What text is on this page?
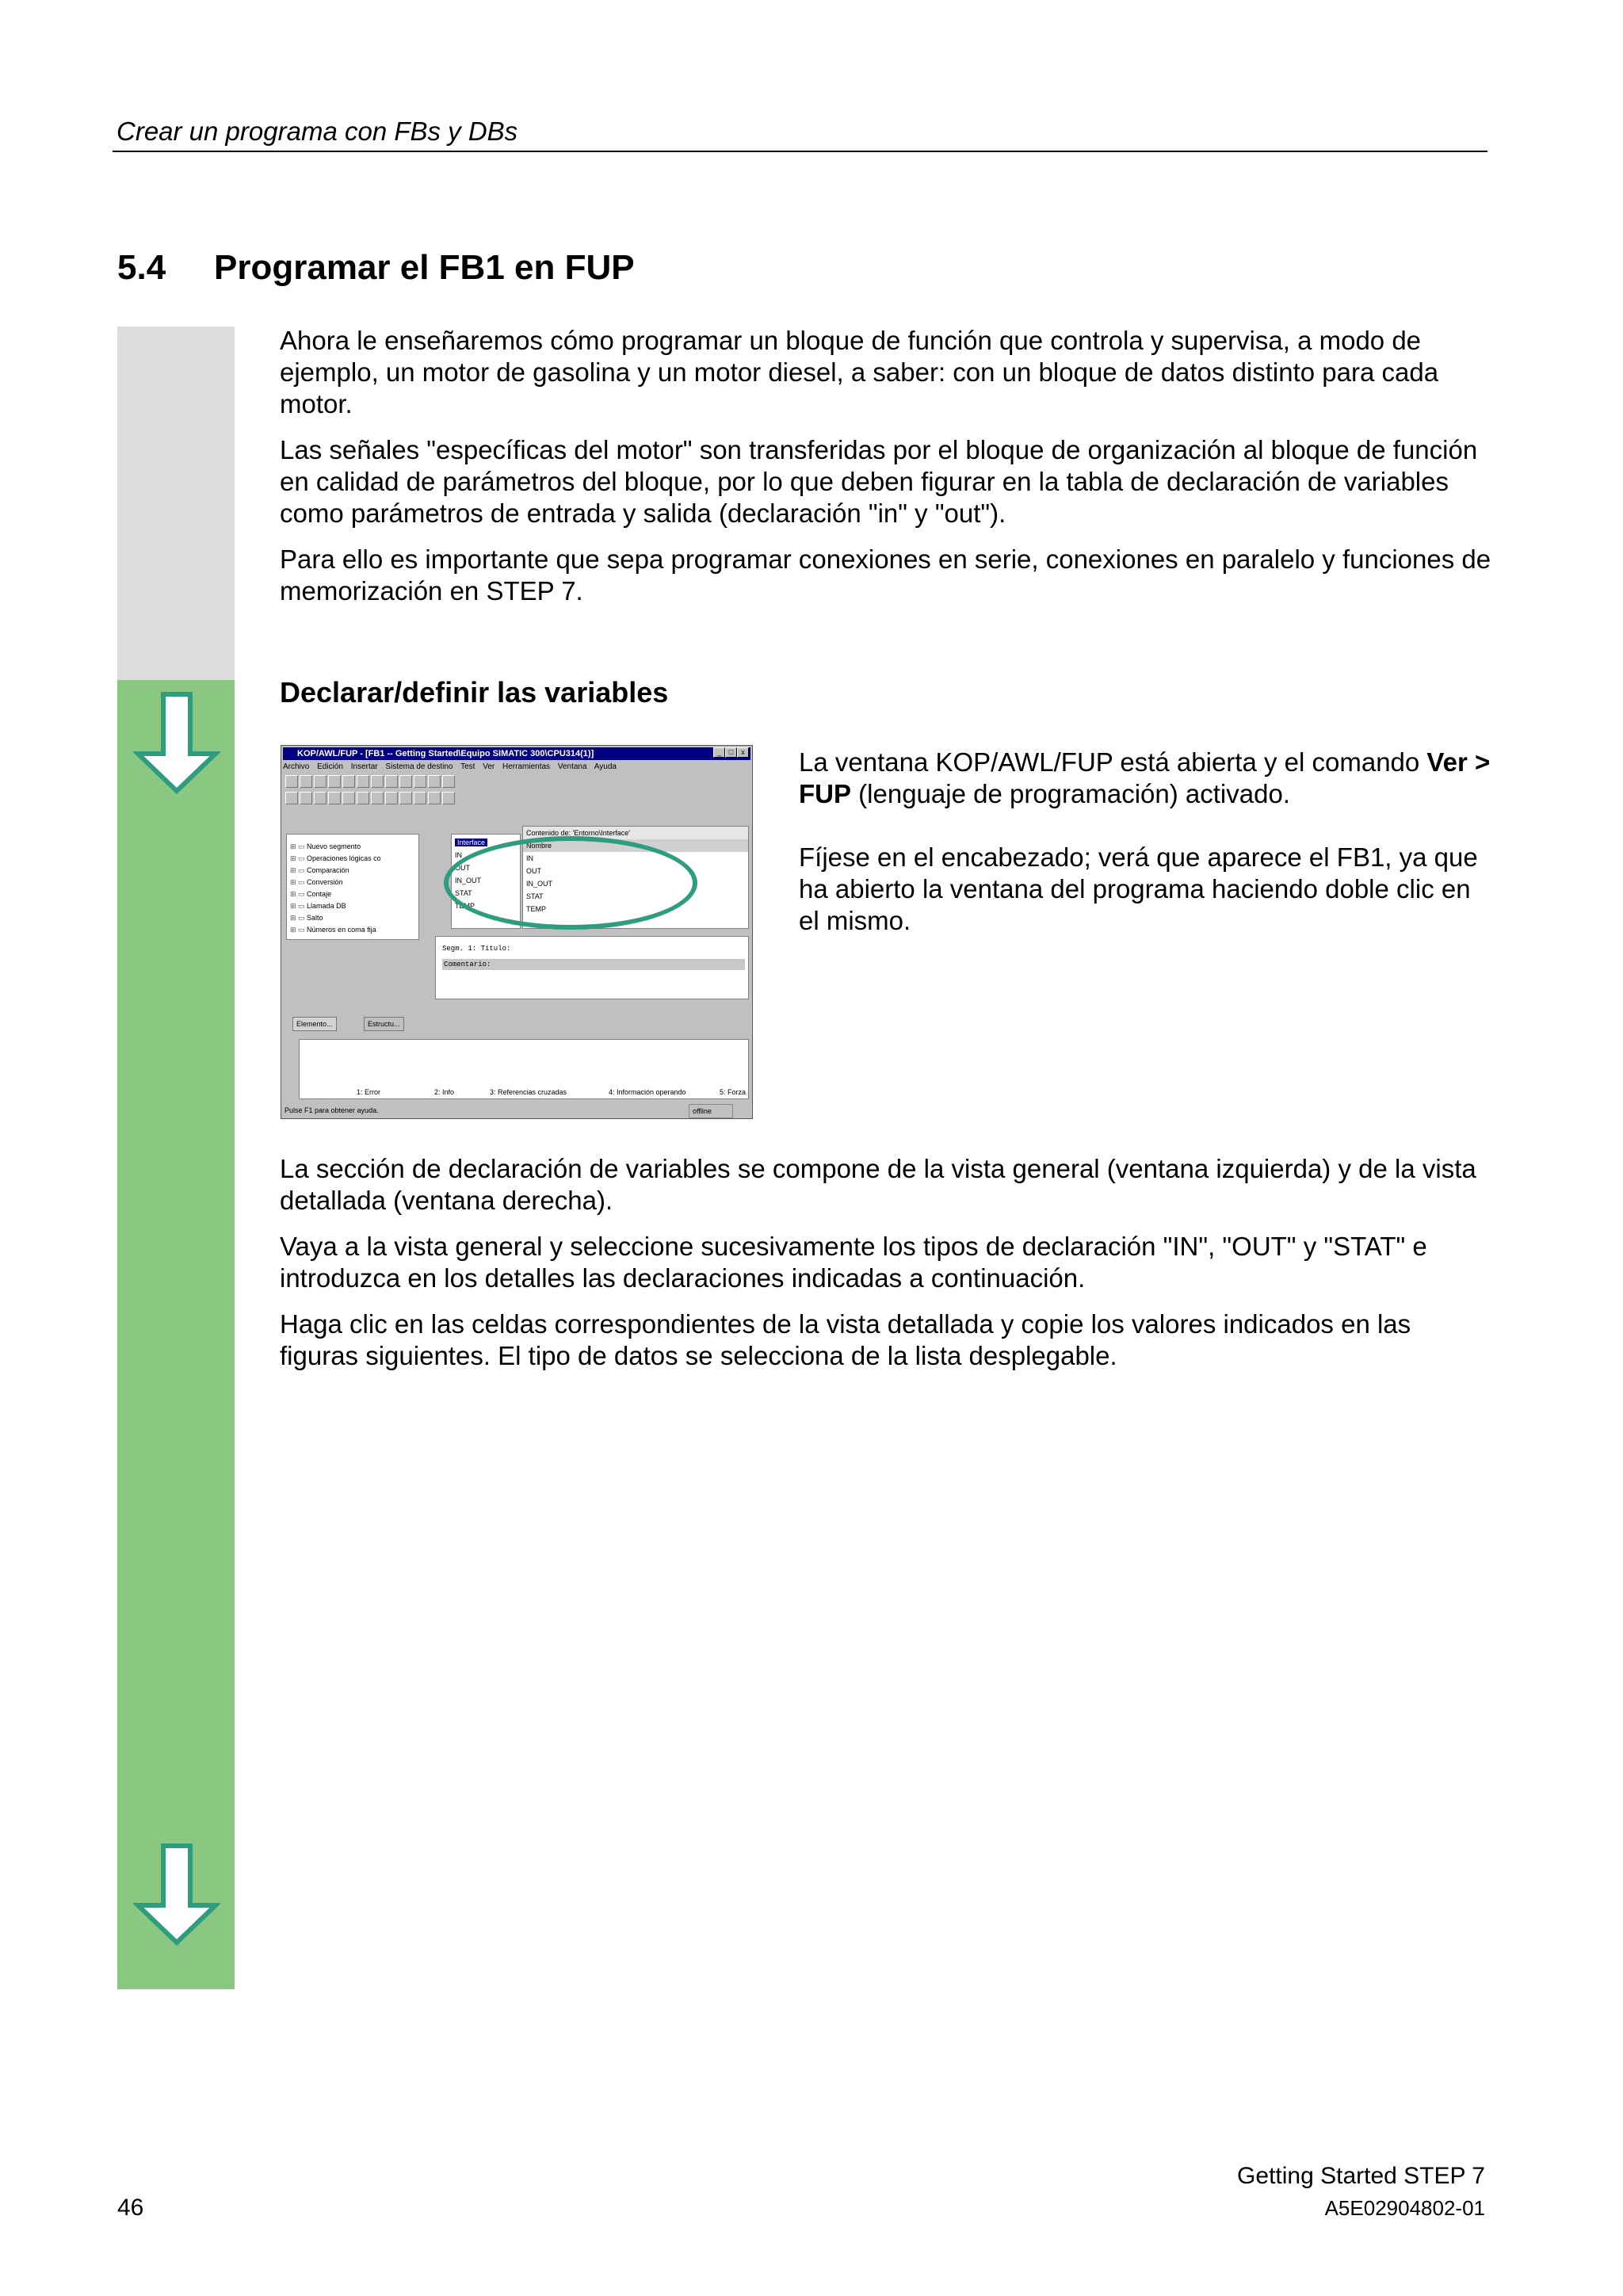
Crear un programa con FBs y DBs
5.4 Programar el FB1 en FUP

Ahora le enseñaremos cómo programar un bloque de función que controla y supervisa, a modo de ejemplo, un motor de gasolina y un motor diesel, a saber: con un bloque de datos distinto para cada motor.

Las señales "específicas del motor" son transferidas por el bloque de organización al bloque de función en calidad de parámetros del bloque, por lo que deben figurar en la tabla de declaración de variables como parámetros de entrada y salida (declaración "in" y "out").

Para ello es importante que sepa programar conexiones en serie, conexiones en paralelo y funciones de memorización en STEP 7.

Declarar/definir las variables
KOP/AWL/FUP - [FB1 -- Getting Started\Equipo SIMATIC 300\CPU314(1)]	_	□	x
Archivo Edición Insertar Sistema de destino Test Ver Herramientas Ventana Ayuda
⊞ ▭ Nuevo segmento
⊞ ▭ Operaciones lógicas co
⊞ ▭ Comparación
⊞ ▭ Conversión
⊞ ▭ Contaje
⊞ ▭ Llamada DB
⊞ ▭ Salto
⊞ ▭ Números en coma fija
Elemento...	Estructu...
Interface
IN
OUT
IN_OUT
STAT
TEMP
Contenido de: 'Entorno\Interface'
Nombre
IN
OUT
IN_OUT
STAT
TEMP
Segm. 1: Título:
Comentario:
1: Error	2: Info	3: Referencias cruzadas	4: Información operando	5: Forza
Pulse F1 para obtener ayuda.	offline

La ventana KOP/AWL/FUP está abierta y el comando Ver > FUP (lenguaje de programación) activado.

Fíjese en el encabezado; verá que aparece el FB1, ya que ha abierto la ventana del programa haciendo doble clic en el mismo.

La sección de declaración de variables se compone de la vista general (ventana izquierda) y de la vista detallada (ventana derecha).

Vaya a la vista general y seleccione sucesivamente los tipos de declaración "IN", "OUT" y "STAT" e introduzca en los detalles las declaraciones indicadas a continuación.

Haga clic en las celdas correspondientes de la vista detallada y copie los valores indicados en las figuras siguientes. El tipo de datos se selecciona de la lista desplegable.

46
Getting Started STEP 7
A5E02904802-01
